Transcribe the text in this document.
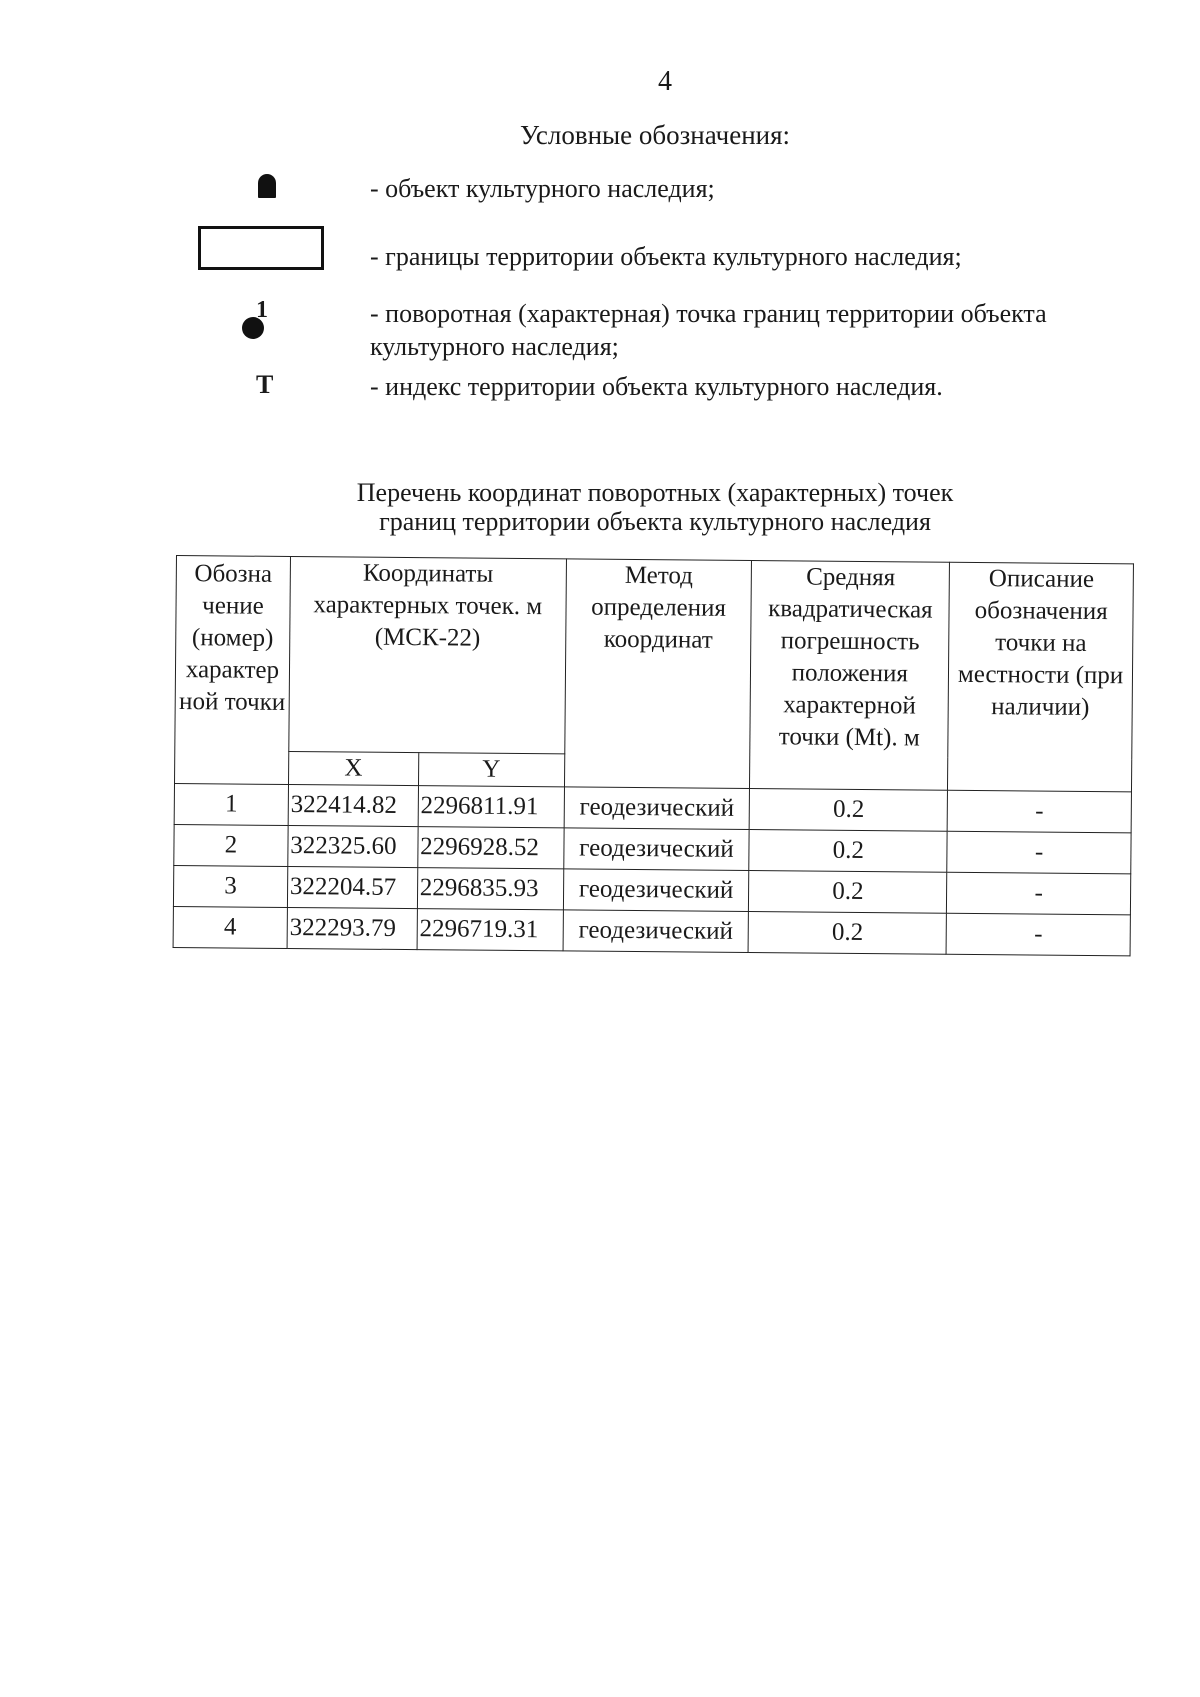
4
Условные обозначения:
- объект культурного наследия;
- границы территории объекта культурного наследия;
1	- поворотная (характерная) точка границ территории объекта культурного наследия;
Т	- индекс территории объекта культурного наследия.
Перечень координат поворотных (характерных) точек
границ территории объекта культурного наследия
Обозна чение (номер) характер ной точки	Координаты характерных точек. м (МСК-22)		Метод определения координат	Средняя квадратическая погрешность положения характерной точки (Mt). м	Описание обозначения точки на местности (при наличии)
	X	Y			
1	322414.82	2296811.91	геодезический	0.2	-
2	322325.60	2296928.52	геодезический	0.2	-
3	322204.57	2296835.93	геодезический	0.2	-
4	322293.79	2296719.31	геодезический	0.2	-
